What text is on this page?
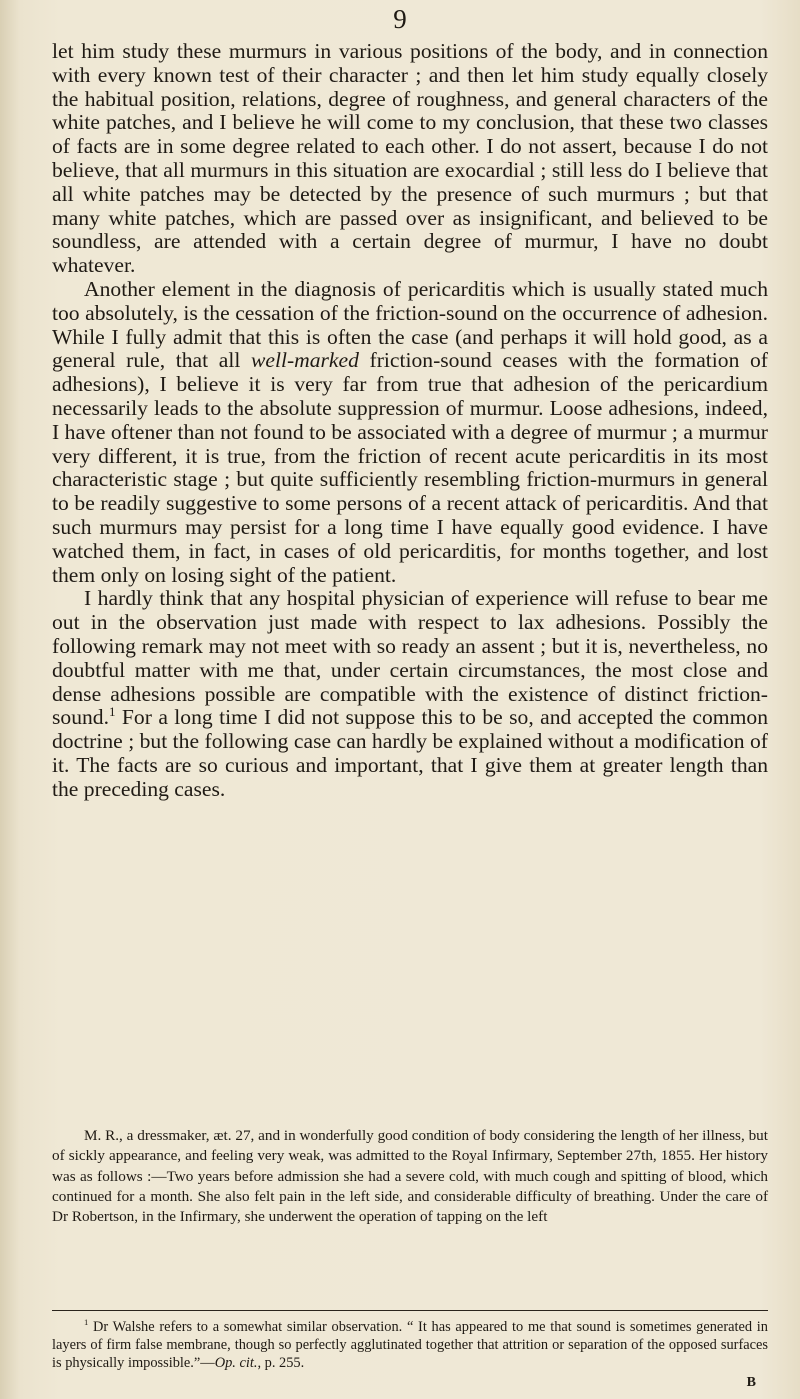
9

let him study these murmurs in various positions of the body, and in connection with every known test of their character ; and then let him study equally closely the habitual position, relations, degree of roughness, and general characters of the white patches, and I believe he will come to my conclusion, that these two classes of facts are in some degree related to each other. I do not assert, because I do not believe, that all murmurs in this situation are exocardial ; still less do I believe that all white patches may be detected by the presence of such murmurs ; but that many white patches, which are passed over as insignificant, and believed to be soundless, are attended with a certain degree of murmur, I have no doubt whatever.

Another element in the diagnosis of pericarditis which is usually stated much too absolutely, is the cessation of the friction-sound on the occurrence of adhesion. While I fully admit that this is often the case (and perhaps it will hold good, as a general rule, that all well-marked friction-sound ceases with the formation of adhesions), I believe it is very far from true that adhesion of the pericardium necessarily leads to the absolute suppression of murmur. Loose adhesions, indeed, I have oftener than not found to be associated with a degree of murmur ; a murmur very different, it is true, from the friction of recent acute pericarditis in its most characteristic stage ; but quite sufficiently resembling friction-murmurs in general to be readily suggestive to some persons of a recent attack of pericarditis. And that such murmurs may persist for a long time I have equally good evidence. I have watched them, in fact, in cases of old pericarditis, for months together, and lost them only on losing sight of the patient.

I hardly think that any hospital physician of experience will refuse to bear me out in the observation just made with respect to lax adhesions. Possibly the following remark may not meet with so ready an assent ; but it is, nevertheless, no doubtful matter with me that, under certain circumstances, the most close and dense adhesions possible are compatible with the existence of distinct friction-sound.$^1$ For a long time I did not suppose this to be so, and accepted the common doctrine ; but the following case can hardly be explained without a modification of it. The facts are so curious and important, that I give them at greater length than the preceding cases.

M. R., a dressmaker, æt. 27, and in wonderfully good condition of body considering the length of her illness, but of sickly appearance, and feeling very weak, was admitted to the Royal Infirmary, September 27th, 1855. Her history was as follows :—Two years before admission she had a severe cold, with much cough and spitting of blood, which continued for a month. She also felt pain in the left side, and considerable difficulty of breathing. Under the care of Dr Robertson, in the Infirmary, she underwent the operation of tapping on the left

$^1$ Dr Walshe refers to a somewhat similar observation. “ It has appeared to me that sound is sometimes generated in layers of firm false membrane, though so perfectly agglutinated together that attrition or separation of the opposed surfaces is physically impossible.”—Op. cit., p. 255.

B
